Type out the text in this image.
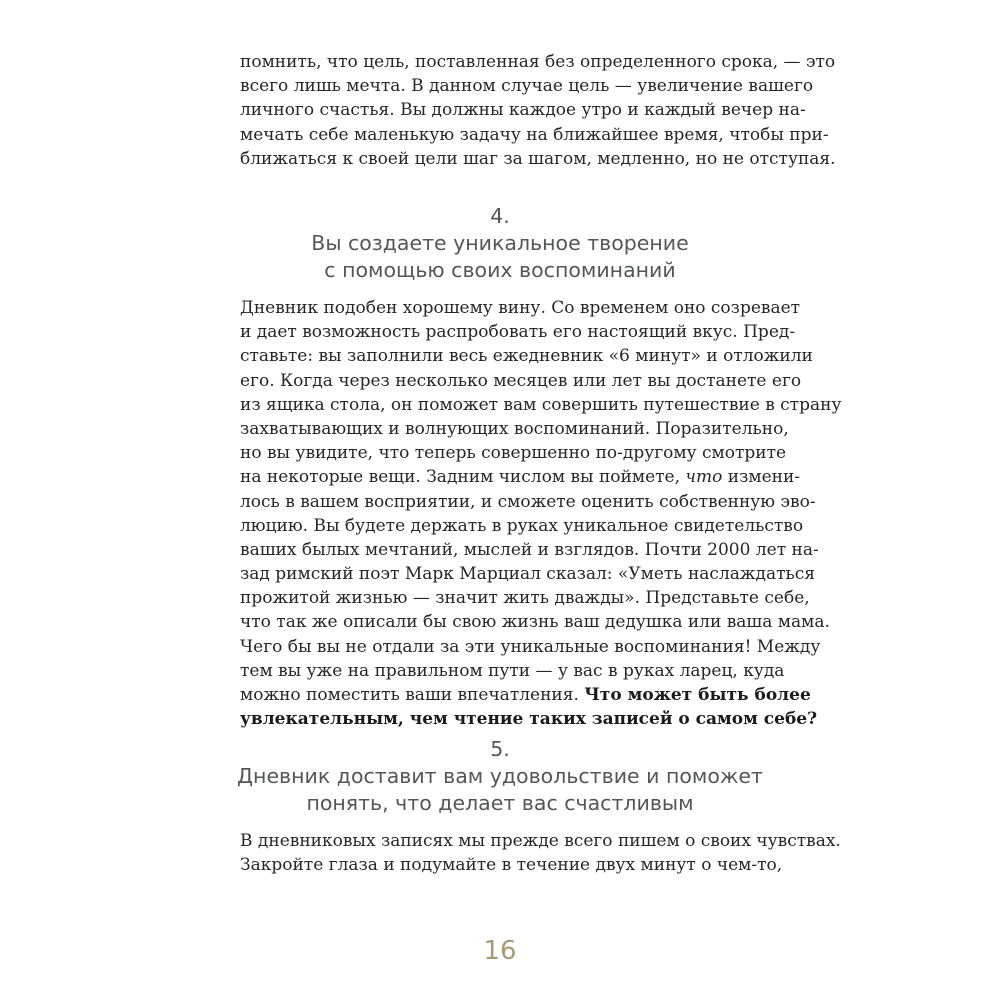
помнить, что цель, поставленная без определенного срока, — это
всего лишь мечта. В данном случае цель — увеличение вашего
личного счастья. Вы должны каждое утро и каждый вечер на-
мечать себе маленькую задачу на ближайшее время, чтобы при-
ближаться к своей цели шаг за шагом, медленно, но не отступая.
4.
Вы создаете уникальное творение
с помощью своих воспоминаний
Дневник подобен хорошему вину. Со временем оно созревает
и дает возможность распробовать его настоящий вкус. Пред-
ставьте: вы заполнили весь ежедневник «6 минут» и отложили
его. Когда через несколько месяцев или лет вы достанете его
из ящика стола, он поможет вам совершить путешествие в страну
захватывающих и волнующих воспоминаний. Поразительно,
но вы увидите, что теперь совершенно по-другому смотрите
на некоторые вещи. Задним числом вы поймете, что измени-
лось в вашем восприятии, и сможете оценить собственную эво-
люцию. Вы будете держать в руках уникальное свидетельство
ваших былых мечтаний, мыслей и взглядов. Почти 2000 лет на-
зад римский поэт Марк Марциал сказал: «Уметь наслаждаться
прожитой жизнью — значит жить дважды». Представьте себе,
что так же описали бы свою жизнь ваш дедушка или ваша мама.
Чего бы вы не отдали за эти уникальные воспоминания! Между
тем вы уже на правильном пути — у вас в руках ларец, куда
можно поместить ваши впечатления. Что может быть более
увлекательным, чем чтение таких записей о самом себе?
5.
Дневник доставит вам удовольствие и поможет
понять, что делает вас счастливым
В дневниковых записях мы прежде всего пишем о своих чувствах.
Закройте глаза и подумайте в течение двух минут о чем-то,
16
